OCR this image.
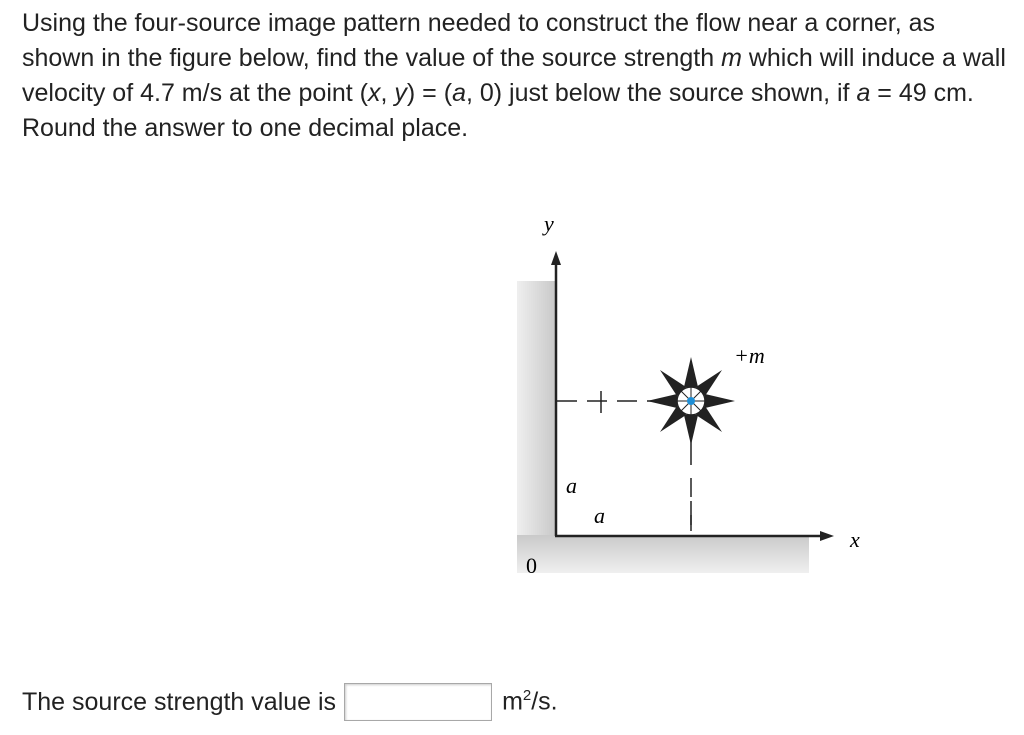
Using the four-source image pattern needed to construct the flow near a corner, as shown in the figure below, find the value of the source strength m which will induce a wall velocity of 4.7 m/s at the point (x, y) = (a, 0) just below the source shown, if a = 49 cm. Round the answer to one decimal place.

y
x
0
a
a
+m
The source strength value is	$m^2/s$.
